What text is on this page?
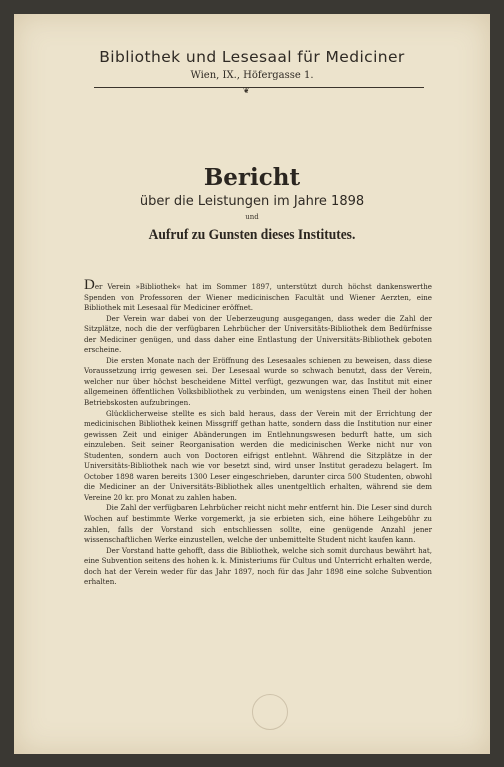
Bibliothek und Lesesaal für Mediciner
Wien, IX., Höfergasse 1.
❦
Bericht
über die Leistungen im Jahre 1898
und
Aufruf zu Gunsten dieses Institutes.

Der Verein »Bibliothek« hat im Sommer 1897, unterstützt durch höchst dankenswerthe Spenden von Professoren der Wiener medicinischen Facultät und Wiener Aerzten, eine Bibliothek mit Lesesaal für Mediciner eröffnet.

Der Verein war dabei von der Ueberzeugung ausgegangen, dass weder die Zahl der Sitzplätze, noch die der verfügbaren Lehrbücher der Universitäts-Bibliothek dem Bedürfnisse der Mediciner genügen, und dass daher eine Entlastung der Universitäts-Bibliothek geboten erscheine.

Die ersten Monate nach der Eröffnung des Lesesaales schienen zu beweisen, dass diese Voraussetzung irrig gewesen sei. Der Lesesaal wurde so schwach benutzt, dass der Verein, welcher nur über höchst bescheidene Mittel verfügt, gezwungen war, das Institut mit einer allgemeinen öffentlichen Volksbibliothek zu verbinden, um wenigstens einen Theil der hohen Betriebskosten aufzubringen.

Glücklicherweise stellte es sich bald heraus, dass der Verein mit der Errichtung der medicinischen Bibliothek keinen Missgriff gethan hatte, sondern dass die Institution nur einer gewissen Zeit und einiger Abänderungen im Entlehnungswesen bedurft hatte, um sich einzuleben. Seit seiner Reorganisation werden die medicinischen Werke nicht nur von Studenten, sondern auch von Doctoren eifrigst entlehnt. Während die Sitzplätze in der Universitäts-Bibliothek nach wie vor besetzt sind, wird unser Institut geradezu belagert. Im October 1898 waren bereits 1300 Leser eingeschrieben, darunter circa 500 Studenten, obwohl die Mediciner an der Universitäts-Bibliothek alles unentgeltlich erhalten, während sie dem Vereine 20 kr. pro Monat zu zahlen haben.

Die Zahl der verfügbaren Lehrbücher reicht nicht mehr entfernt hin. Die Leser sind durch Wochen auf bestimmte Werke vorgemerkt, ja sie erbieten sich, eine höhere Leihgebühr zu zahlen, falls der Vorstand sich entschliessen sollte, eine genügende Anzahl jener wissenschaftlichen Werke einzustellen, welche der unbemittelte Student nicht kaufen kann.

Der Vorstand hatte gehofft, dass die Bibliothek, welche sich somit durchaus bewährt hat, eine Subvention seitens des hohen k. k. Ministeriums für Cultus und Unterricht erhalten werde, doch hat der Verein weder für das Jahr 1897, noch für das Jahr 1898 eine solche Subvention erhalten.
